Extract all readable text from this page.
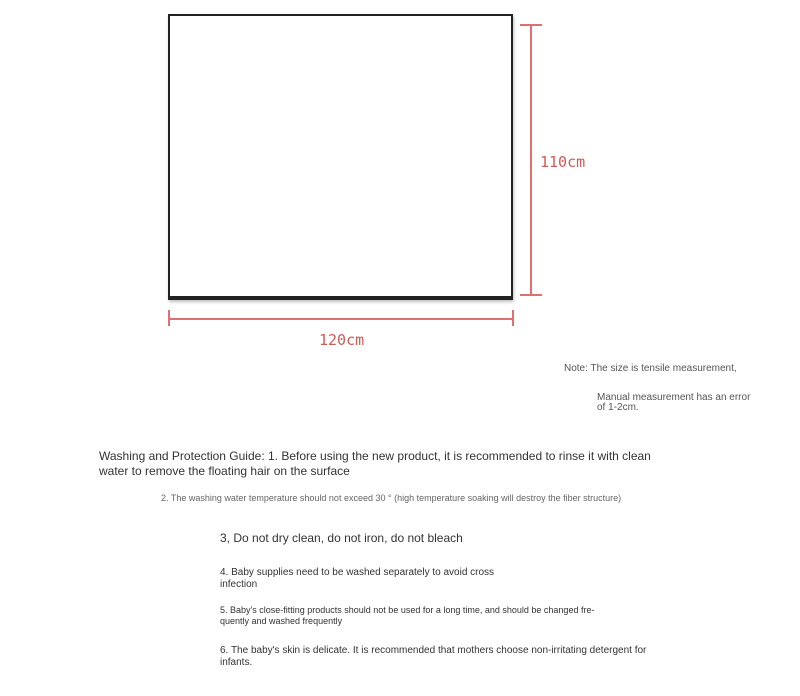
110cm
120cm
Note: The size is tensile measurement,
Manual measurement has an error
of 1-2cm.
Washing and Protection Guide: 1. Before using the new product, it is recommended to rinse it with clean
water to remove the floating hair on the surface
2. The washing water temperature should not exceed 30 ° (high temperature soaking will destroy the fiber structure)
3, Do not dry clean, do not iron, do not bleach
4. Baby supplies need to be washed separately to avoid cross
infection
5. Baby's close-fitting products should not be used for a long time, and should be changed fre-
quently and washed frequently
6. The baby's skin is delicate. It is recommended that mothers choose non-irritating detergent for
infants.
